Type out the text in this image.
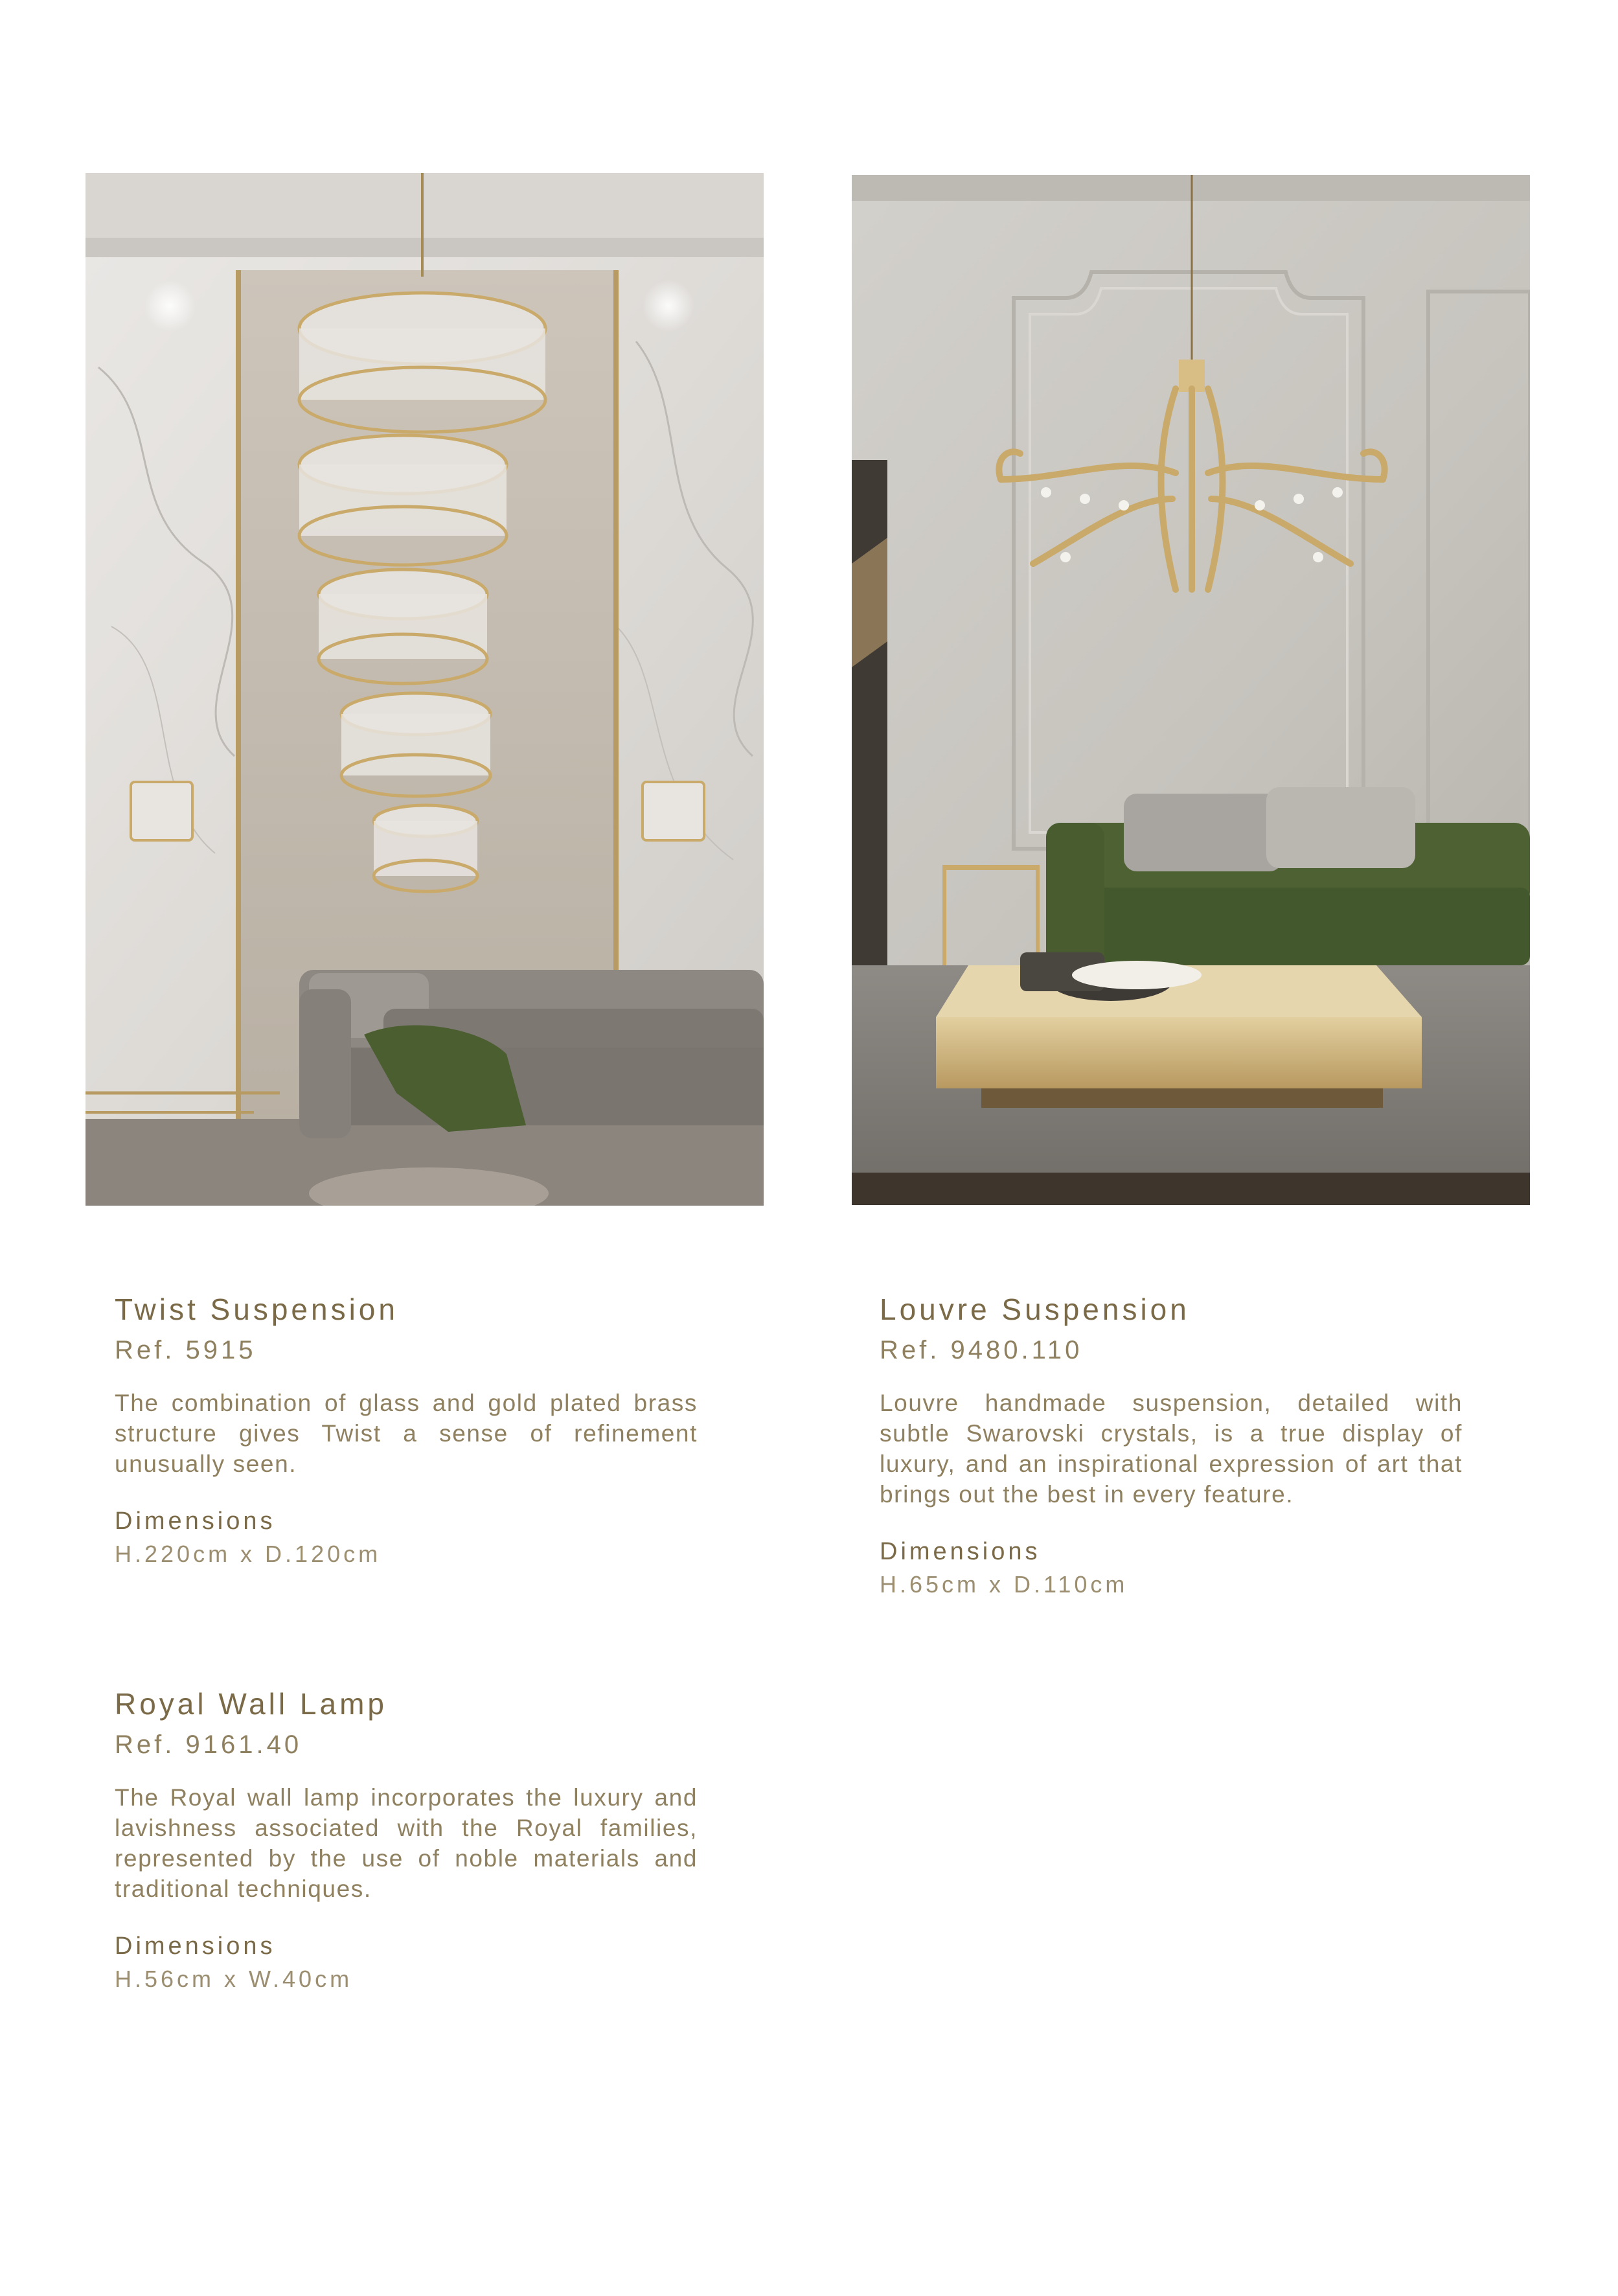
Twist Suspension
Ref. 5915
The combination of glass and gold plated brass structure gives Twist a sense of refinement unusually seen.
Dimensions
H.220cm x D.120cm
Louvre Suspension
Ref. 9480.110
Louvre handmade suspension, detailed with subtle Swarovski crystals, is a true display of luxury, and an inspirational expression of art that brings out the best in every feature.
Dimensions
H.65cm x D.110cm
Royal Wall Lamp
Ref. 9161.40
The Royal wall lamp incorporates the luxury and lavishness associated with the Royal families, represented by the use of noble materials and traditional techniques.
Dimensions
H.56cm x W.40cm
